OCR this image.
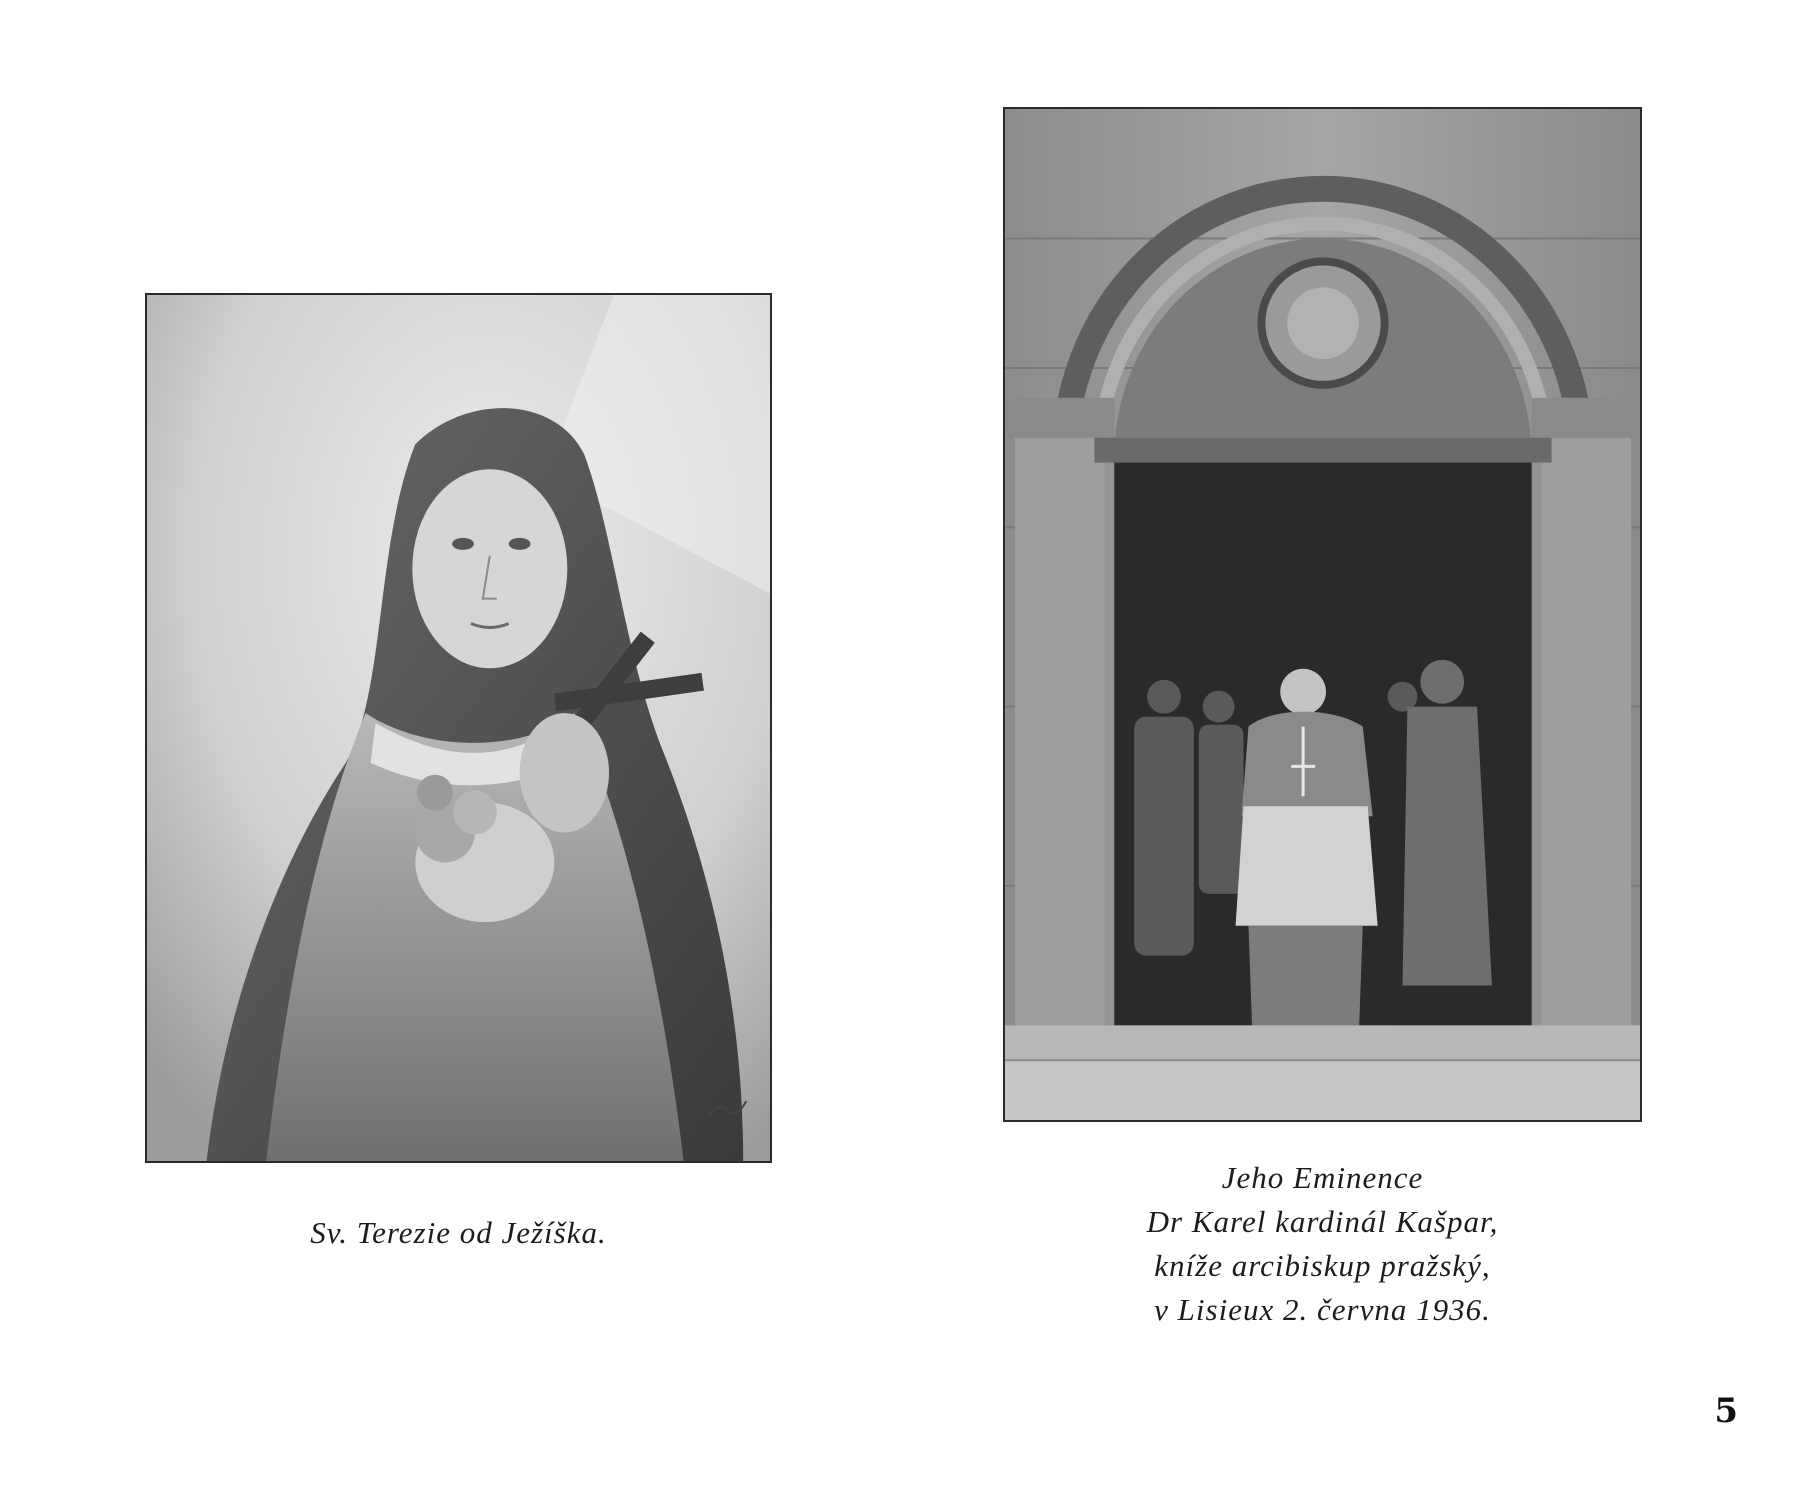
Sv. Terezie od Ježíška.
Jeho Eminence
Dr Karel kardinál Kašpar,
kníže arcibiskup pražský,
v Lisieux 2. června 1936.
5
